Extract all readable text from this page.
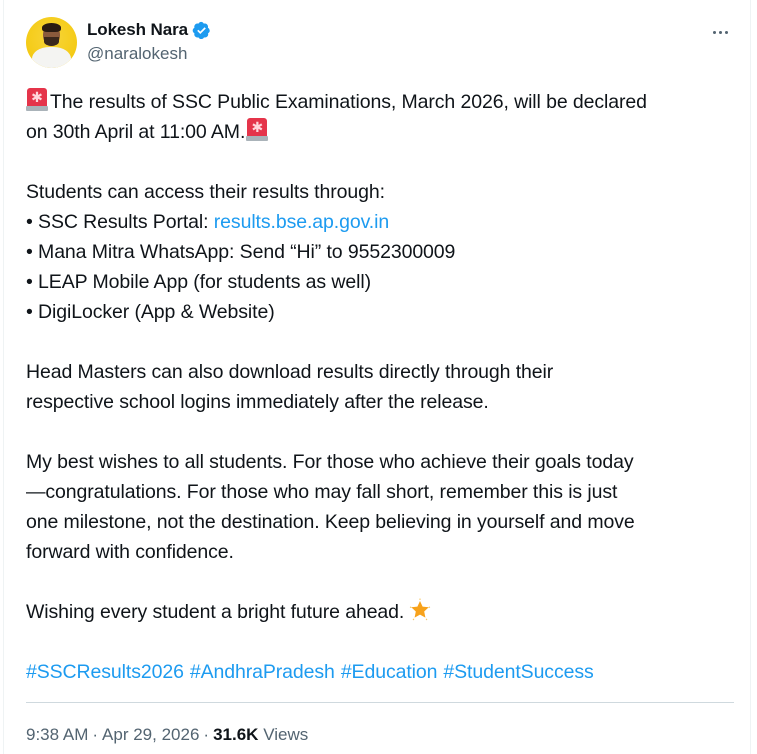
Lokesh Nara
@naralokesh
✱ The results of SSC Public Examinations, March 2026, will be declared
on 30th April at 11:00 AM. ✱
Students can access their results through:
• SSC Results Portal: results.bse.ap.gov.in
• Mana Mitra WhatsApp: Send “Hi” to 9552300009
• LEAP Mobile App (for students as well)
• DigiLocker (App & Website)
Head Masters can also download results directly through their
respective school logins immediately after the release.
My best wishes to all students. For those who achieve their goals today
—congratulations. For those who may fall short, remember this is just
one milestone, not the destination. Keep believing in yourself and move
forward with confidence.
Wishing every student a bright future ahead.
#SSCResults2026 #AndhraPradesh #Education #StudentSuccess
9:38 AM · Apr 29, 2026 · 31.6K Views
